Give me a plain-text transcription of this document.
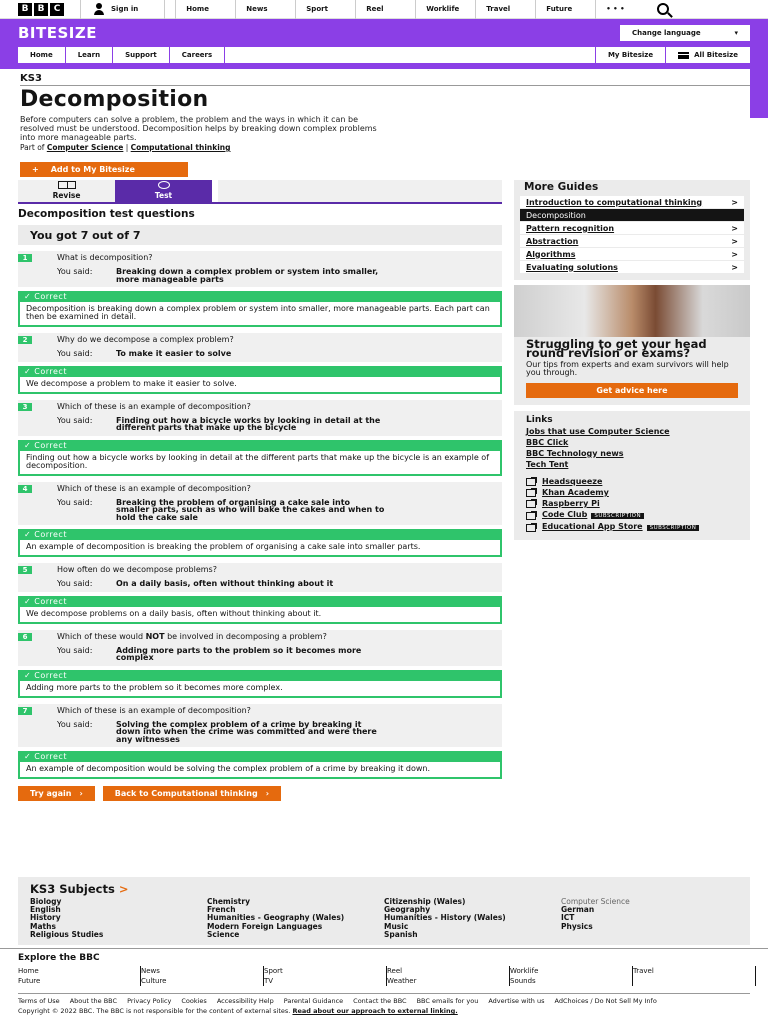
B	B	C	Sign in	Home	News	Sport	Reel	Worklife	Travel	Future	• • •
BITESIZE	Change language	▾
Home	Learn	Support	Careers	My Bitesize	All Bitesize
KS3
Decomposition

Before computers can solve a problem, the problem and the ways in which it can be resolved must be understood. Decomposition helps by breaking down complex problems into more manageable parts.

Part of Computer Science | Computational thinking

+ Add to My Bitesize
Revise	Test
Decomposition test questions
You got 7 out of 7
1	What is decomposition?
You said:	Breaking down a complex problem or system into smaller, more manageable parts
✓ Correct
Decomposition is breaking down a complex problem or system into smaller, more manageable parts. Each part can then be examined in detail.
2	Why do we decompose a complex problem?
You said:	To make it easier to solve
✓ Correct
We decompose a problem to make it easier to solve.
3	Which of these is an example of decomposition?
You said:	Finding out how a bicycle works by looking in detail at the different parts that make up the bicycle
✓ Correct
Finding out how a bicycle works by looking in detail at the different parts that make up the bicycle is an example of decomposition.
4	Which of these is an example of decomposition?
You said:	Breaking the problem of organising a cake sale into smaller parts, such as who will bake the cakes and when to hold the cake sale
✓ Correct
An example of decomposition is breaking the problem of organising a cake sale into smaller parts.
5	How often do we decompose problems?
You said:	On a daily basis, often without thinking about it
✓ Correct
We decompose problems on a daily basis, often without thinking about it.
6	Which of these would NOT be involved in decomposing a problem?
You said:	Adding more parts to the problem so it becomes more complex
✓ Correct
Adding more parts to the problem so it becomes more complex.
7	Which of these is an example of decomposition?
You said:	Solving the complex problem of a crime by breaking it down into when the crime was committed and were there any witnesses
✓ Correct
An example of decomposition would be solving the complex problem of a crime by breaking it down.
Try again ›	Back to Computational thinking ›
More Guides
Introduction to computational thinking	>
Decomposition
Pattern recognition	>
Abstraction	>
Algorithms	>
Evaluating solutions	>
Struggling to get your head round revision or exams?

Our tips from experts and exam survivors will help you through.

Get advice here
Links
Jobs that use Computer Science
BBC Click
BBC Technology news
Tech Tent
Headsqueeze
Khan Academy
Raspberry Pi
Code Club SUBSCRIPTION
Educational App Store SUBSCRIPTION
KS3 Subjects >
Biology
English
History
Maths
Religious Studies
Chemistry
French
Humanities - Geography (Wales)
Modern Foreign Languages
Science
Citizenship (Wales)
Geography
Humanities - History (Wales)
Music
Spanish
Computer Science
German
ICT
Physics
Explore the BBC
Home	News	Sport	Reel	Worklife	Travel
Future	Culture	TV	Weather	Sounds
Terms of Use About the BBC Privacy Policy Cookies Accessibility Help Parental Guidance Contact the BBC BBC emails for you Advertise with us AdChoices / Do Not Sell My Info
Copyright © 2022 BBC. The BBC is not responsible for the content of external sites. Read about our approach to external linking.
